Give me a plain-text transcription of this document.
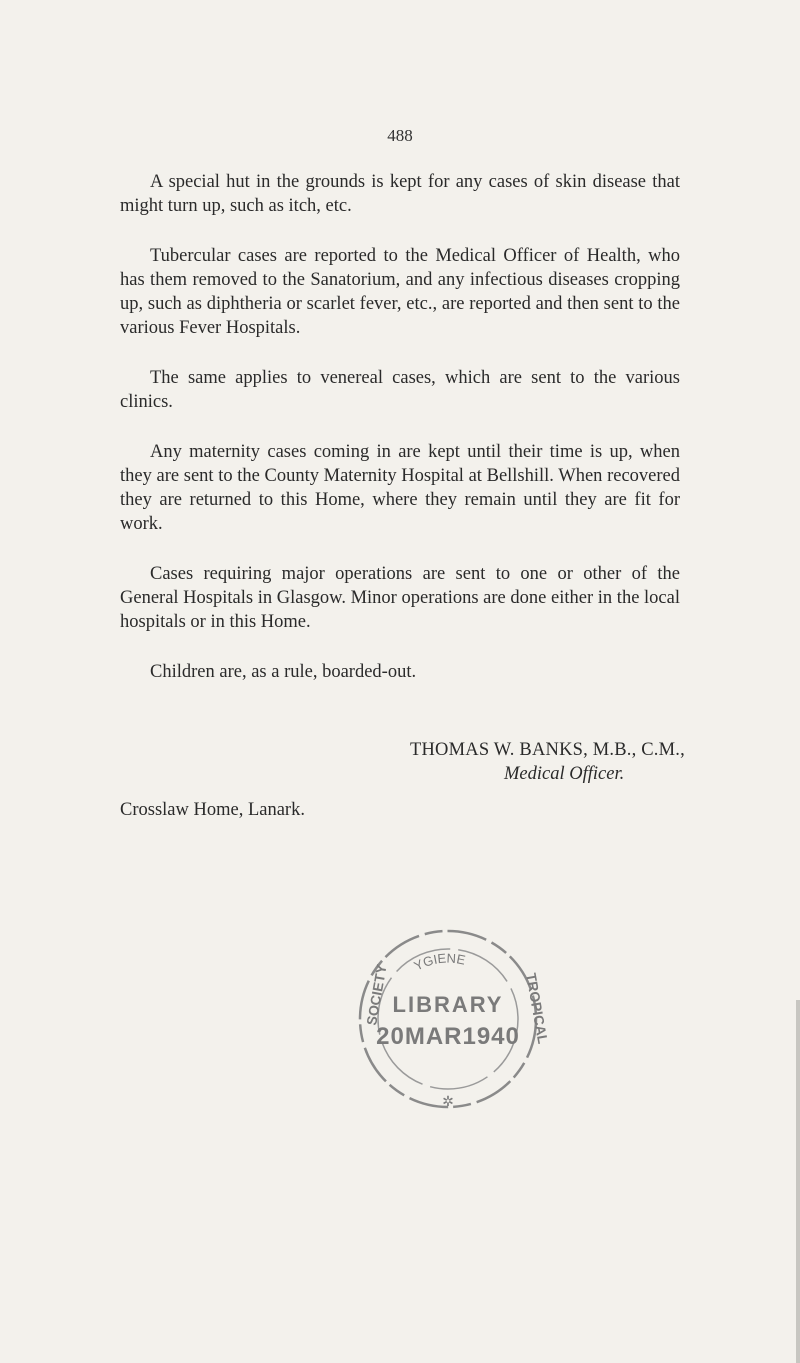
488

A special hut in the grounds is kept for any cases of skin disease that might turn up, such as itch, etc.

Tubercular cases are reported to the Medical Officer of Health, who has them removed to the Sanatorium, and any infectious diseases cropping up, such as diphtheria or scarlet fever, etc., are reported and then sent to the various Fever Hospitals.

The same applies to venereal cases, which are sent to the various clinics.

Any maternity cases coming in are kept until their time is up, when they are sent to the County Maternity Hospital at Bellshill. When recovered they are returned to this Home, where they remain until they are fit for work.

Cases requiring major operations are sent to one or other of the General Hospitals in Glasgow. Minor operations are done either in the local hospitals or in this Home.

Children are, as a rule, boarded-out.

THOMAS W. BANKS, M.B., C.M.,
Medical Officer.
Crosslaw Home, Lanark.
YGIENE
LIBRARY
20MAR1940
SOCIETY	TROPICAL
✲
